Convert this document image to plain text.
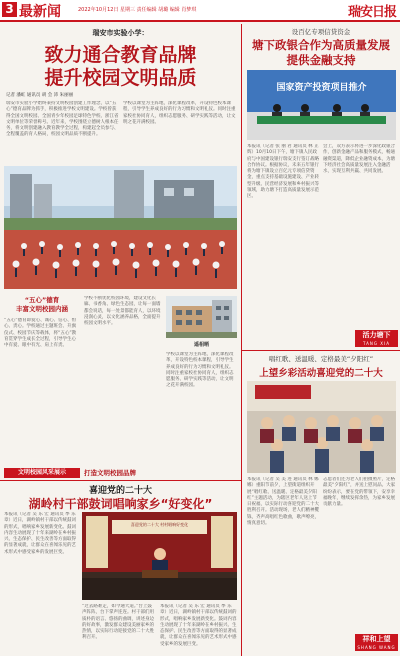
3 最新闻	2022年10月12日 星期三 责任编辑 胡璐 编辑 肖梦琪	瑞安日报
瑞安市实验小学：
致力通合教育品牌
提升校园文明品质
记者 潘虹 通讯员 胡 会 沛 朱丽丽
瑞安市实验小学始终秉持文明校园创建工作理念，以“五心”德育品牌为抓手，积极推进学校文明建设。学校曾获得全国文明校园、全国青少年校园足球特色学校、浙江省文明单位等荣誉称号。近年来，学校围绕立德树人根本任务，将文明创建融入教育教学全过程，构建起全员参与、全程覆盖的育人格局，校园文明品质不断提升。
学校以课堂为主阵地，深化课程改革，开设特色校本课程，引导学生养成良好的行为习惯和文明礼仪。同时注重家校社协同育人，组织志愿服务、研学实践等活动，让文明之花开满校园。
“五心”德育
丰富文明校园内涵
“五心”德育即爱心、诚心、信心、恒心、责心。学校通过主题班会、升旗仪式、校园节庆等载体，将“五心”教育贯穿学生成长全过程，引导学生心中有爱、眼中有光、肩上有责。
学校不断优化校园环境，建设文化长廊、书香角、绿色生态园，让每一面墙都会说话，每一处景都能育人，以环境浸润心灵，以文化涵养品格，全面提升校园文明水平。
遥相晒
学校以课堂为主阵地，深化课程改革，开设特色校本课程，引导学生养成良好的行为习惯和文明礼仪。同时注重家校社协同育人，组织志愿服务、研学实践等活动，让文明之花开满校园。
文明校园风采展示	打造文明校园品牌
喜迎党的二十大
湖岭村干部鼓词唱响家乡“好变化”
本报讯（记者 吴 乐 宏 通讯员 季 乐 章）近日，湖岭镇村干部以传统鼓词的形式，唱响家乡发展新变化。鼓词内容生动展现了十年来湖岭在乡村振兴、生态保护、民生改善等方面取得的显著成就，让群众在喜闻乐见的艺术形式中感受家乡的发展巨变。
喜迎党的二十大 村村唱响好变化
“过去路难走，如今通大道。”台上鼓声阵阵，台下掌声连连。村干部们用质朴的语言、悠扬的曲调，讲述身边的好故事，激发群众建设美丽家乡的热情，以实际行动迎接党的二十大胜利召开。
本报讯（记者 吴 乐 宏 通讯员 季 乐 章）近日，湖岭镇村干部以传统鼓词的形式，唱响家乡发展新变化。鼓词内容生动展现了十年来湖岭在乡村振兴、生态保护、民生改善等方面取得的显著成就，让群众在喜闻乐见的艺术形式中感受家乡的发展巨变。
设百亿专项信贷资金
塘下政银合作为高质量发展
提供金融支持
国家资产投资项目推介
本报讯（记者 张 丽 君 通讯员 林 正 辉）10月10日下午，塘下镇人民政府与中国建设银行瑞安支行签订战略合作协议。根据协议，未来五年银行将为塘下镇设立百亿元专项信贷资金，重点支持基础设施建设、产业转型升级、民营经济发展和乡村振兴等领域，助力塘下打造高质量发展示范区。
会上，双方表示将进一步深化政银合作，创新金融产品和服务模式，畅通融资渠道，降低企业融资成本，为塘下经济社会高质量发展注入金融活水，实现互利共赢、共同发展。
活力塘下
TANG XIA
唱红歌、送温暖、定格最美“夕阳红”
上望乡彩活动喜迎党的二十大
本报讯（记者 吴 美 进 通讯员 林 娜 娜）重阳节前夕，上望街道组织开展“唱红歌、送温暖、定格最美夕阳红”主题活动，为辖区老年人送上节日祝福，以实际行动喜迎党的二十大胜利召开。活动现场，老人们精神矍铄，齐声高唱红色歌曲，歌声嘹亮，情真意切。
志愿者们还为老人们拍摄照片，定格最美“夕阳红”，并送上慰问品。大家纷纷表示，要在党的带领下，安享幸福晚年，继续发挥余热，为家乡发展贡献力量。
祥和上望
SHANG WANG
